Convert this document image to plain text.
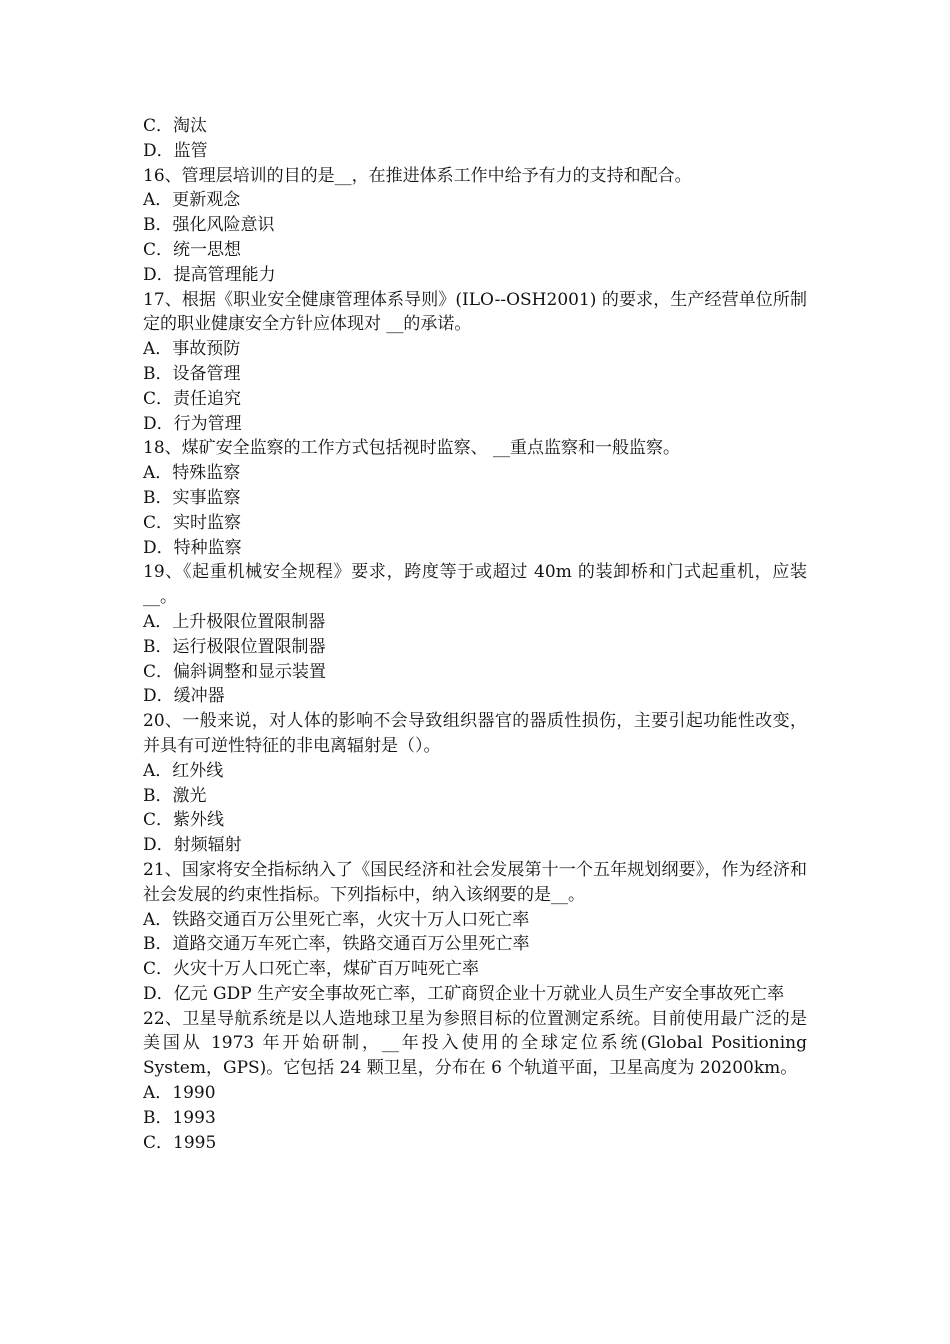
C．淘汰
D．监管
16、管理层培训的目的是__，在推进体系工作中给予有力的支持和配合。
A．更新观念
B．强化风险意识
C．统一思想
D．提高管理能力
17、根据《职业安全健康管理体系导则》(ILO--OSH2001) 的要求，生产经营单位所制定的职业健康安全方针应体现对 __的承诺。
A．事故预防
B．设备管理
C．责任追究
D．行为管理
18、煤矿安全监察的工作方式包括视时监察、 __重点监察和一般监察。
A．特殊监察
B．实事监察
C．实时监察
D．特种监察
19、《起重机械安全规程》要求，跨度等于或超过 40m 的装卸桥和门式起重机，应装__。
A．上升极限位置限制器
B．运行极限位置限制器
C．偏斜调整和显示装置
D．缓冲器
20、一般来说，对人体的影响不会导致组织器官的器质性损伤，主要引起功能性改变，并具有可逆性特征的非电离辐射是（）。
A．红外线
B．激光
C．紫外线
D．射频辐射
21、国家将安全指标纳入了《国民经济和社会发展第十一个五年规划纲要》，作为经济和社会发展的约束性指标。下列指标中，纳入该纲要的是__。
A．铁路交通百万公里死亡率，火灾十万人口死亡率
B．道路交通万车死亡率，铁路交通百万公里死亡率
C．火灾十万人口死亡率，煤矿百万吨死亡率
D．亿元 GDP 生产安全事故死亡率，工矿商贸企业十万就业人员生产安全事故死亡率
22、卫星导航系统是以人造地球卫星为参照目标的位置测定系统。目前使用最广泛的是美国从 1973 年开始研制，__年投入使用的全球定位系统(Global Positioning System，GPS)。它包括 24 颗卫星，分布在 6 个轨道平面，卫星高度为 20200km。
A．1990
B．1993
C．1995
